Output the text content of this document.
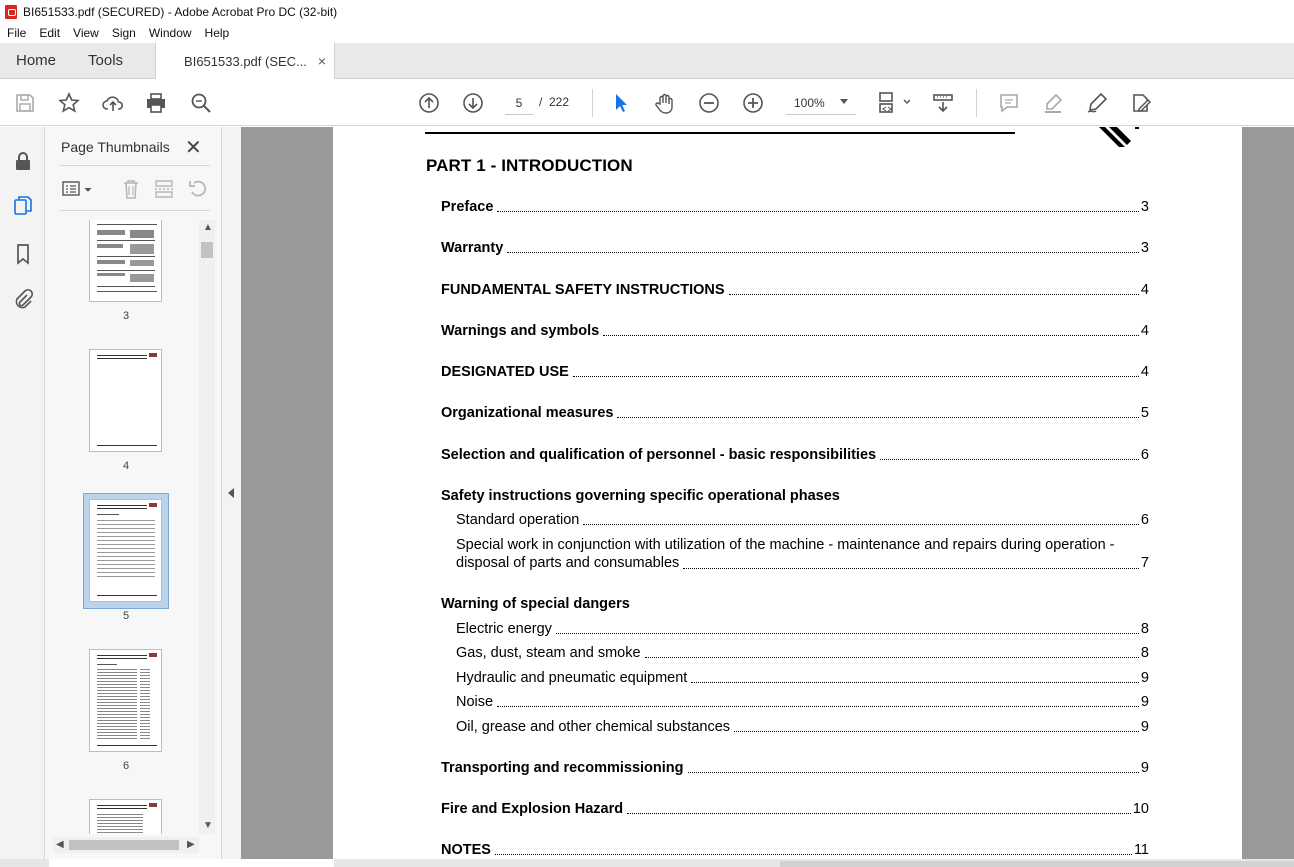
BI651533.pdf (SECURED) - Adobe Acrobat Pro DC (32-bit)
File	Edit	View	Sign	Window	Help
Home	Tools	BI651533.pdf (SEC... ×
5
/ 222	100%
Page Thumbnails ✕
3
4
5
6
▲
▼
◀	▶
PART 1 - INTRODUCTION
Preface	3
Warranty	3
FUNDAMENTAL SAFETY INSTRUCTIONS	4
Warnings and symbols	4
DESIGNATED USE	4
Organizational measures	5
Selection and qualification of personnel - basic responsibilities	6
Safety instructions governing specific operational phases
Standard operation	6
Special work in conjunction with utilization of the machine - maintenance and repairs during operation -
disposal of parts and consumables	7
Warning of special dangers
Electric energy	8
Gas, dust, steam and smoke	8
Hydraulic and pneumatic equipment	9
Noise	9
Oil, grease and other chemical substances	9
Transporting and recommissioning	9
Fire and Explosion Hazard	10
NOTES	11
